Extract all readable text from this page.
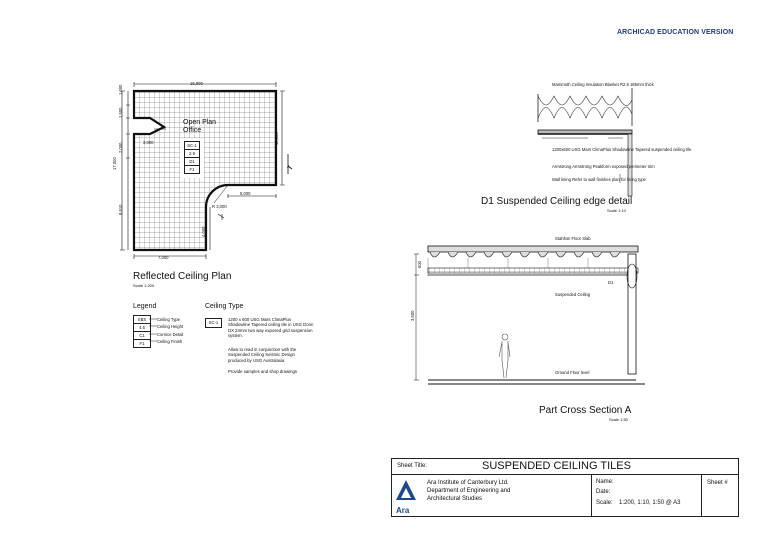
ARCHICAD EDUCATION VERSION
15,000
17,000
1,000
1,500
2,000
8,610
3,000	10,000
5,000
R 3,000
7,000
4,000
A
Open Plan
Office
SC-1
2.9
D1
F1
Reflected Ceiling Plan
Scale 1:200
Legend
SBS
4.5
C1
F1
Ceiling Type
Ceiling Height
Cornice Detail
Ceiling Finish
Ceiling Type
SC-1
1200 x 600 USG Mars ClimaPlus Shadowline Tapered ceiling tile in USG Donn DX 24mm two way exposed grid suspension system.
Allow to read in conjunction with the Suspended Ceiling Seismic Design produced by USG Australasia
Provide samples and shop drawings
Mammoth Ceiling Insulation Blanket R2.9 185mm thick
1200x600 USG Mars ClimaPlus Shadowline Tapered suspended ceiling tile
Armstrong Armstrong Peakform exposed perimeter trim
Wall lining Refer to wall finishes plan for lining type
D1 Suspended Ceiling edge detail
Scale 1:10
Stahlton Floor Slab
Suspended Ceiling
Ground Floor level
3,600
600
D1
Part Cross Section A
Scale 1:50
Sheet Title:	SUSPENDED CEILING TILES
Ara
Ara Institute of Canterbury Ltd.
Department of Engineering and
Architectural Studies
Name:
Date:
Scale: 1:200, 1:10, 1:50 @ A3
Sheet #
